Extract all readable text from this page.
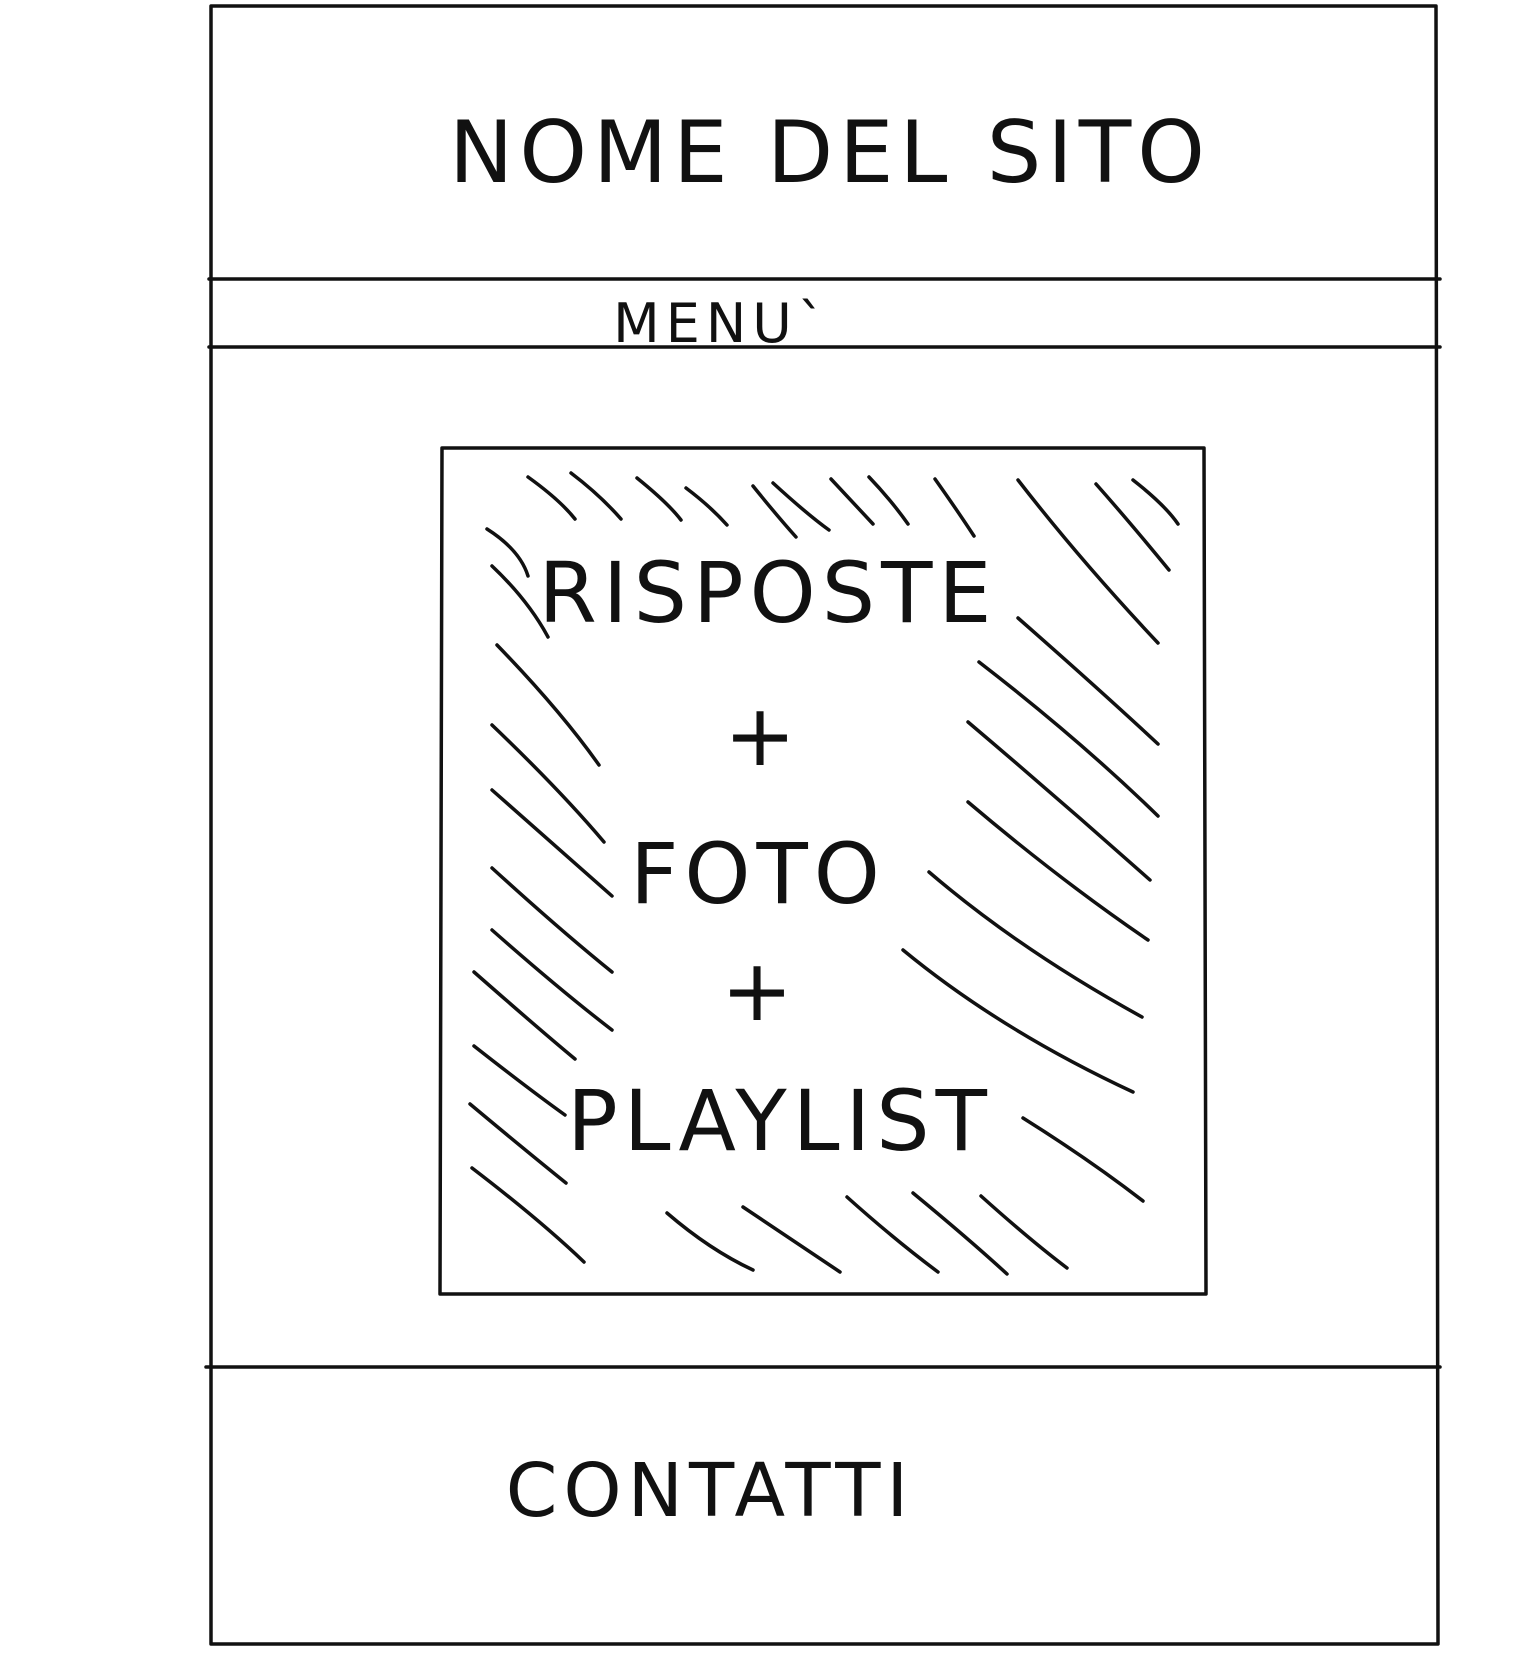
NOME DEL SITO
MENU`
RISPOSTE
+
FOTO
+
PLAYLIST
CONTATTI
